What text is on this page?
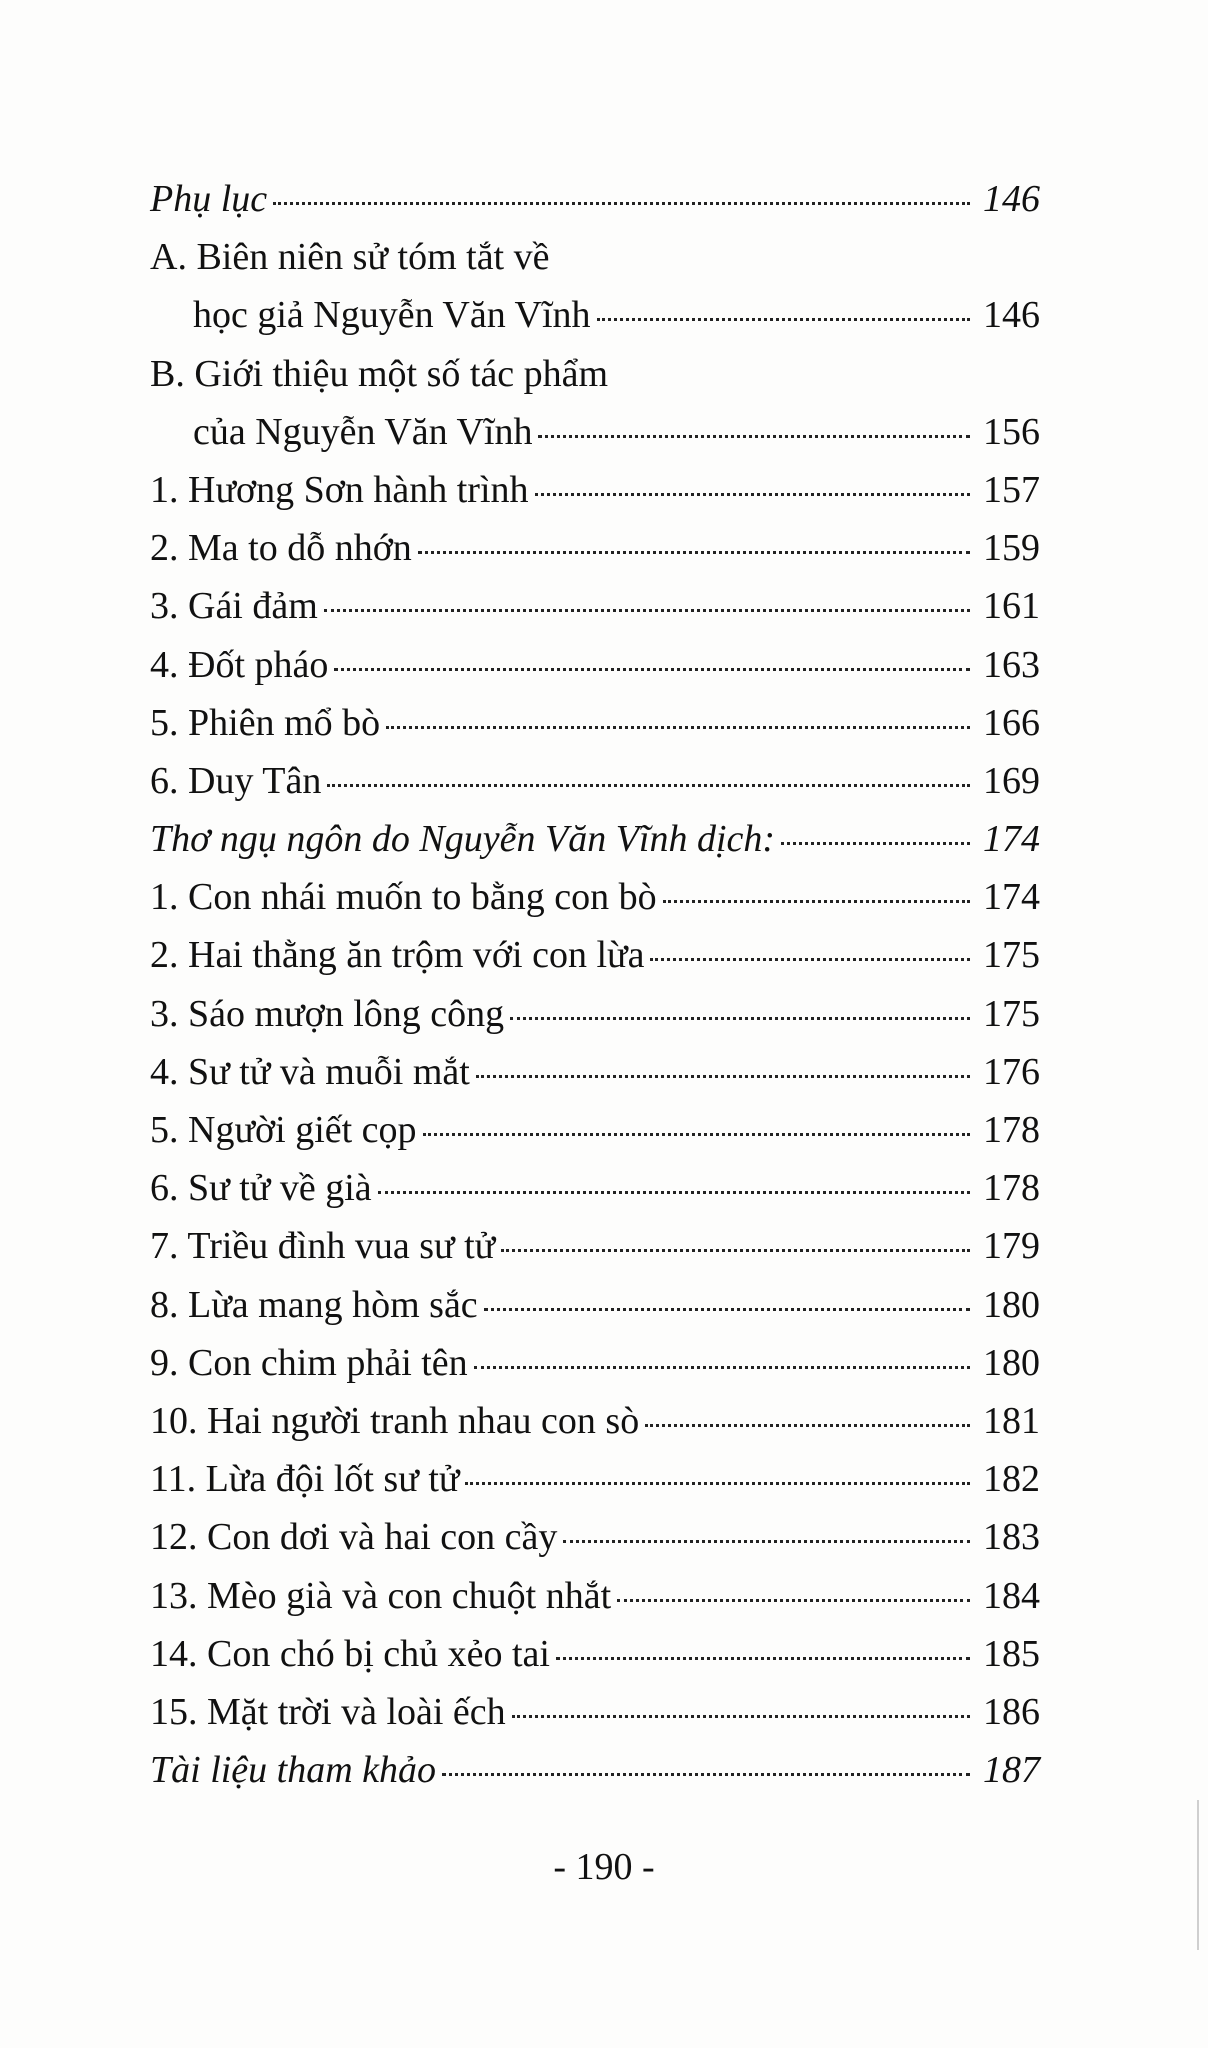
Phụ lục	146
A. Biên niên sử tóm tắt về
học giả Nguyễn Văn Vĩnh	146
B. Giới thiệu một số tác phẩm
của Nguyễn Văn Vĩnh	156
1. Hương Sơn hành trình	157
2. Ma to dỗ nhớn	159
3. Gái đảm	161
4. Đốt pháo	163
5. Phiên mổ bò	166
6. Duy Tân	169
Thơ ngụ ngôn do Nguyễn Văn Vĩnh dịch:	174
1. Con nhái muốn to bằng con bò	174
2. Hai thằng ăn trộm với con lừa	175
3. Sáo mượn lông công	175
4. Sư tử và muỗi mắt	176
5. Người giết cọp	178
6. Sư tử về già	178
7. Triều đình vua sư tử	179
8. Lừa mang hòm sắc	180
9. Con chim phải tên	180
10. Hai người tranh nhau con sò	181
11. Lừa đội lốt sư tử	182
12. Con dơi và hai con cầy	183
13. Mèo già và con chuột nhắt	184
14. Con chó bị chủ xẻo tai	185
15. Mặt trời và loài ếch	186
Tài liệu tham khảo	187
- 190 -
